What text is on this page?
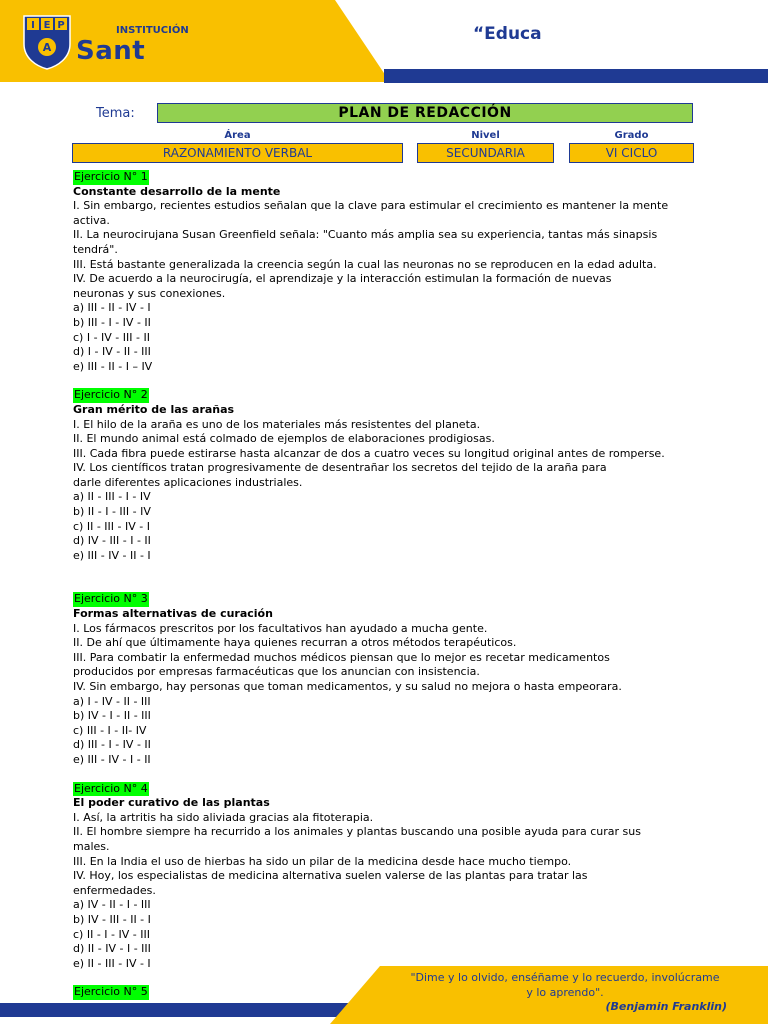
I E P
A
INSTITUCIÓN
Sant
“Educa
Tema:	PLAN DE REDACCIÓN
Área	Nivel	Grado
RAZONAMIENTO VERBAL	SECUNDARIA	VI CICLO
Ejercicio N° 1
Constante desarrollo de la mente
I. Sin embargo, recientes estudios señalan que la clave para estimular el crecimiento es mantener la mente activa.
II. La neurocirujana Susan Greenfield señala: "Cuanto más amplia sea su experiencia, tantas más sinapsis tendrá".
III. Está bastante generalizada la creencia según la cual las neuronas no se reproducen en la edad adulta.
IV. De acuerdo a la neurocirugía, el aprendizaje y la interacción estimulan la formación de nuevas neuronas y sus conexiones.
a) III - II - IV - I
b) III - I - IV - II
c) I - IV - III - II
d) I - IV - II - III
e) III - II - I – IV
Ejercicio N° 2
Gran mérito de las arañas
I. El hilo de la araña es uno de los materiales más resistentes del planeta.
II. El mundo animal está colmado de ejemplos de elaboraciones prodigiosas.
III. Cada fibra puede estirarse hasta alcanzar de dos a cuatro veces su longitud original antes de romperse.
IV. Los científicos tratan progresivamente de desentrañar los secretos del tejido de la araña para darle diferentes aplicaciones industriales.
a) II - III - I - IV
b) II - I - III - IV
c) II - III - IV - I
d) IV - III - I - II
e) III - IV - II - I
Ejercicio N° 3
Formas alternativas de curación
I. Los fármacos prescritos por los facultativos han ayudado a mucha gente.
II. De ahí que últimamente haya quienes recurran a otros métodos terapéuticos.
III. Para combatir la enfermedad muchos médicos piensan que lo mejor es recetar medicamentos producidos por empresas farmacéuticas que los anuncian con insistencia.
IV. Sin embargo, hay personas que toman medicamentos, y su salud no mejora o hasta empeorara.
a) I - IV - II - III
b) IV - I - II - III
c) III - I - II- IV
d) III - I - IV - II
e) III - IV - I - II
Ejercicio N° 4
El poder curativo de las plantas
I. Así, la artritis ha sido aliviada gracias ala fitoterapia.
II. El hombre siempre ha recurrido a los animales y plantas buscando una posible ayuda para curar sus males.
III. En la India el uso de hierbas ha sido un pilar de la medicina desde hace mucho tiempo.
IV. Hoy, los especialistas de medicina alternativa suelen valerse de las plantas para tratar las enfermedades.
a) IV - II - I - III
b) IV - III - II - I
c) II - I - IV - III
d) II - IV - I - III
e) II - III - IV - I
Ejercicio N° 5
"Dime y lo olvido, enséñame y lo recuerdo, involúcrame
y lo aprendo".
(Benjamin Franklin)
